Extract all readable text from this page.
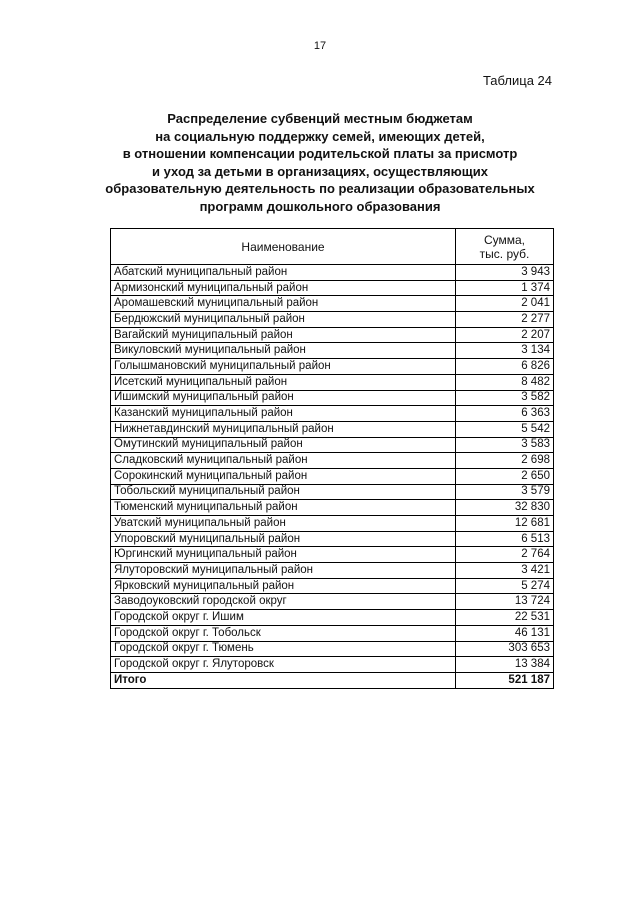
17
Таблица 24
Распределение субвенций местным бюджетам
на социальную поддержку семей, имеющих детей,
в отношении компенсации родительской платы за присмотр
и уход за детьми в организациях, осуществляющих
образовательную деятельность по реализации образовательных
программ дошкольного образования
Наименование	Сумма,
тыс. руб.
Абатский муниципальный район	3 943
Армизонский муниципальный район	1 374
Аромашевский муниципальный район	2 041
Бердюжский муниципальный район	2 277
Вагайский муниципальный район	2 207
Викуловский муниципальный район	3 134
Голышмановский муниципальный район	6 826
Исетский муниципальный район	8 482
Ишимский муниципальный район	3 582
Казанский муниципальный район	6 363
Нижнетавдинский муниципальный район	5 542
Омутинский муниципальный район	3 583
Сладковский муниципальный район	2 698
Сорокинский муниципальный район	2 650
Тобольский муниципальный район	3 579
Тюменский муниципальный район	32 830
Уватский муниципальный район	12 681
Упоровский муниципальный район	6 513
Юргинский муниципальный район	2 764
Ялуторовский муниципальный район	3 421
Ярковский муниципальный район	5 274
Заводоуковский городской округ	13 724
Городской округ г. Ишим	22 531
Городской округ г. Тобольск	46 131
Городской округ г. Тюмень	303 653
Городской округ г. Ялуторовск	13 384
Итого	521 187
